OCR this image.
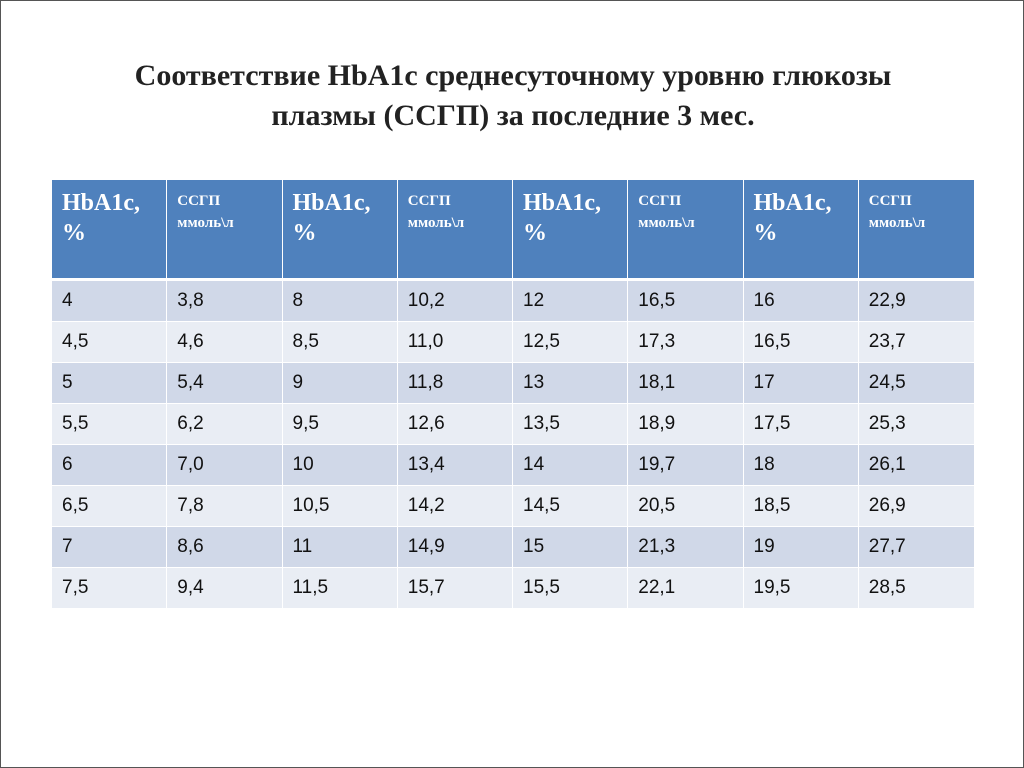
Соответствие HbA1c среднесуточному уровню глюкозы
плазмы (ССГП) за последние 3 мес.
HbA1c, %	ССГП ммоль\л	HbA1c, %	ССГП ммоль\л	HbA1c, %	ССГП ммоль\л	HbA1c, %	ССГП ммоль\л

4	3,8	8	10,2	12	16,5	16	22,9
4,5	4,6	8,5	11,0	12,5	17,3	16,5	23,7
5	5,4	9	11,8	13	18,1	17	24,5
5,5	6,2	9,5	12,6	13,5	18,9	17,5	25,3
6	7,0	10	13,4	14	19,7	18	26,1
6,5	7,8	10,5	14,2	14,5	20,5	18,5	26,9
7	8,6	11	14,9	15	21,3	19	27,7
7,5	9,4	11,5	15,7	15,5	22,1	19,5	28,5
